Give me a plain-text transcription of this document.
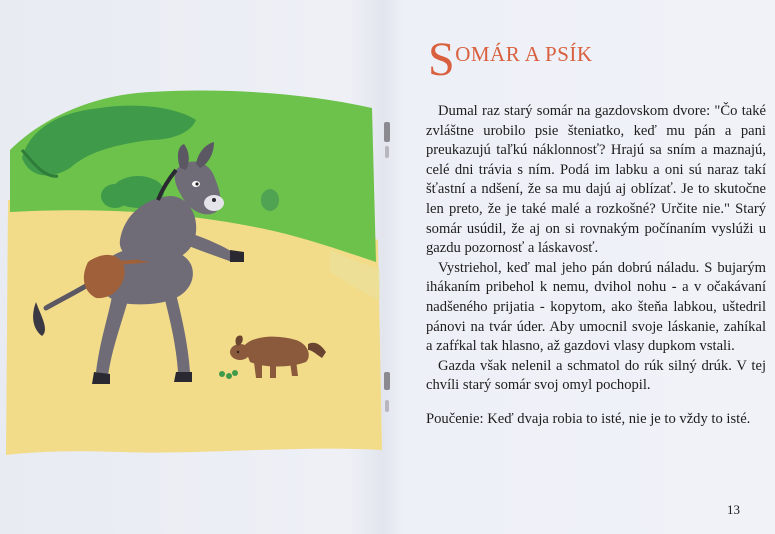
SOMÁR A PSÍK

Dumal raz starý somár na gazdovskom dvore: "Čo také zvláštne urobilo psie šteniatko, keď mu pán a pani preukazujú taľkú náklonnosť? Hrajú sa sním a maznajú, celé dni trávia s ním. Podá im labku a oni sú naraz takí šťastní a ndšení, že sa mu dajú aj oblízať. Je to skutočne len preto, že je také malé a rozkošné? Určite nie." Starý somár usúdil, že aj on si rovnakým počínaním vyslúži u gazdu pozornosť a láskavosť.

Vystriehol, keď mal jeho pán dobrú náladu. S bujarým ihákaním pribehol k nemu, dvihol nohu - a v očakávaní nadšeného prijatia - kopytom, ako šteňa labkou, uštedril pánovi na tvár úder. Aby umocnil svoje láskanie, zahíkal a zafŕkal tak hlasno, až gazdovi vlasy dupkom vstali.

Gazda však nelenil a schmatol do rúk silný drúk. V tej chvíli starý somár svoj omyl pochopil.

Poučenie: Keď dvaja robia to isté, nie je to vždy to isté.

13
